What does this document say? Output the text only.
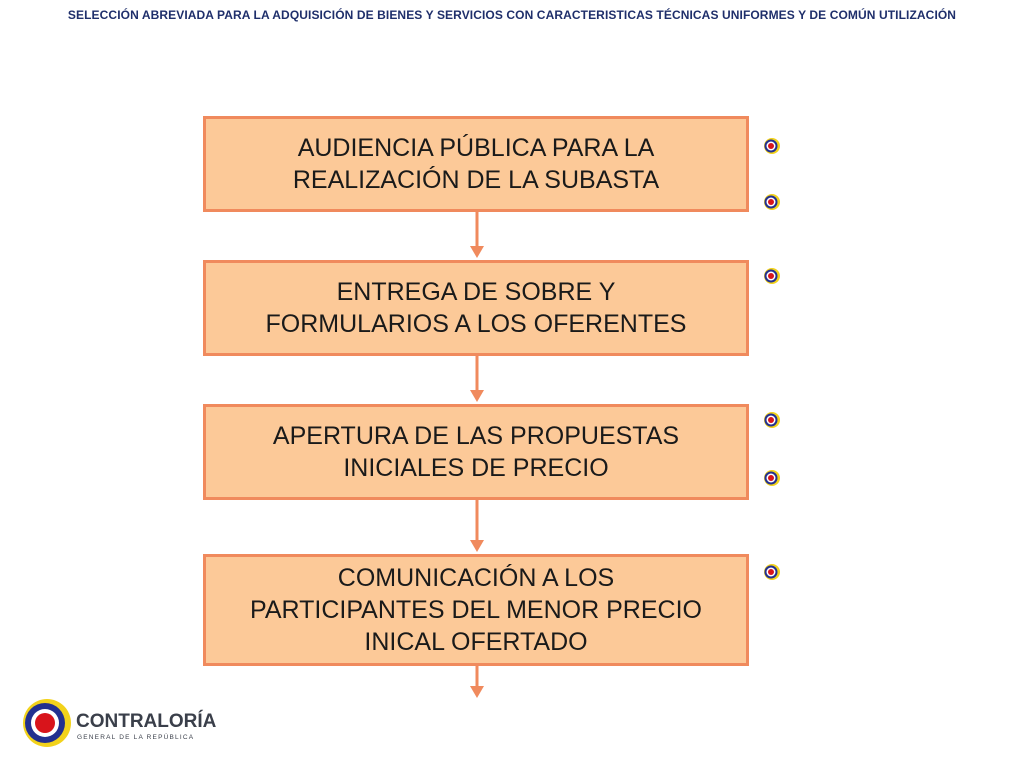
SELECCIÓN ABREVIADA PARA LA ADQUISICIÓN DE BIENES Y SERVICIOS CON CARACTERISTICAS TÉCNICAS UNIFORMES Y DE COMÚN UTILIZACIÓN
AUDIENCIA PÚBLICA PARA LA
REALIZACIÓN DE LA SUBASTA
ENTREGA DE SOBRE Y
FORMULARIOS A LOS OFERENTES
APERTURA DE LAS PROPUESTAS
INICIALES DE PRECIO
COMUNICACIÓN A LOS
PARTICIPANTES DEL MENOR PRECIO
INICAL OFERTADO
CONTRALORÍA
GENERAL DE LA REPÚBLICA
